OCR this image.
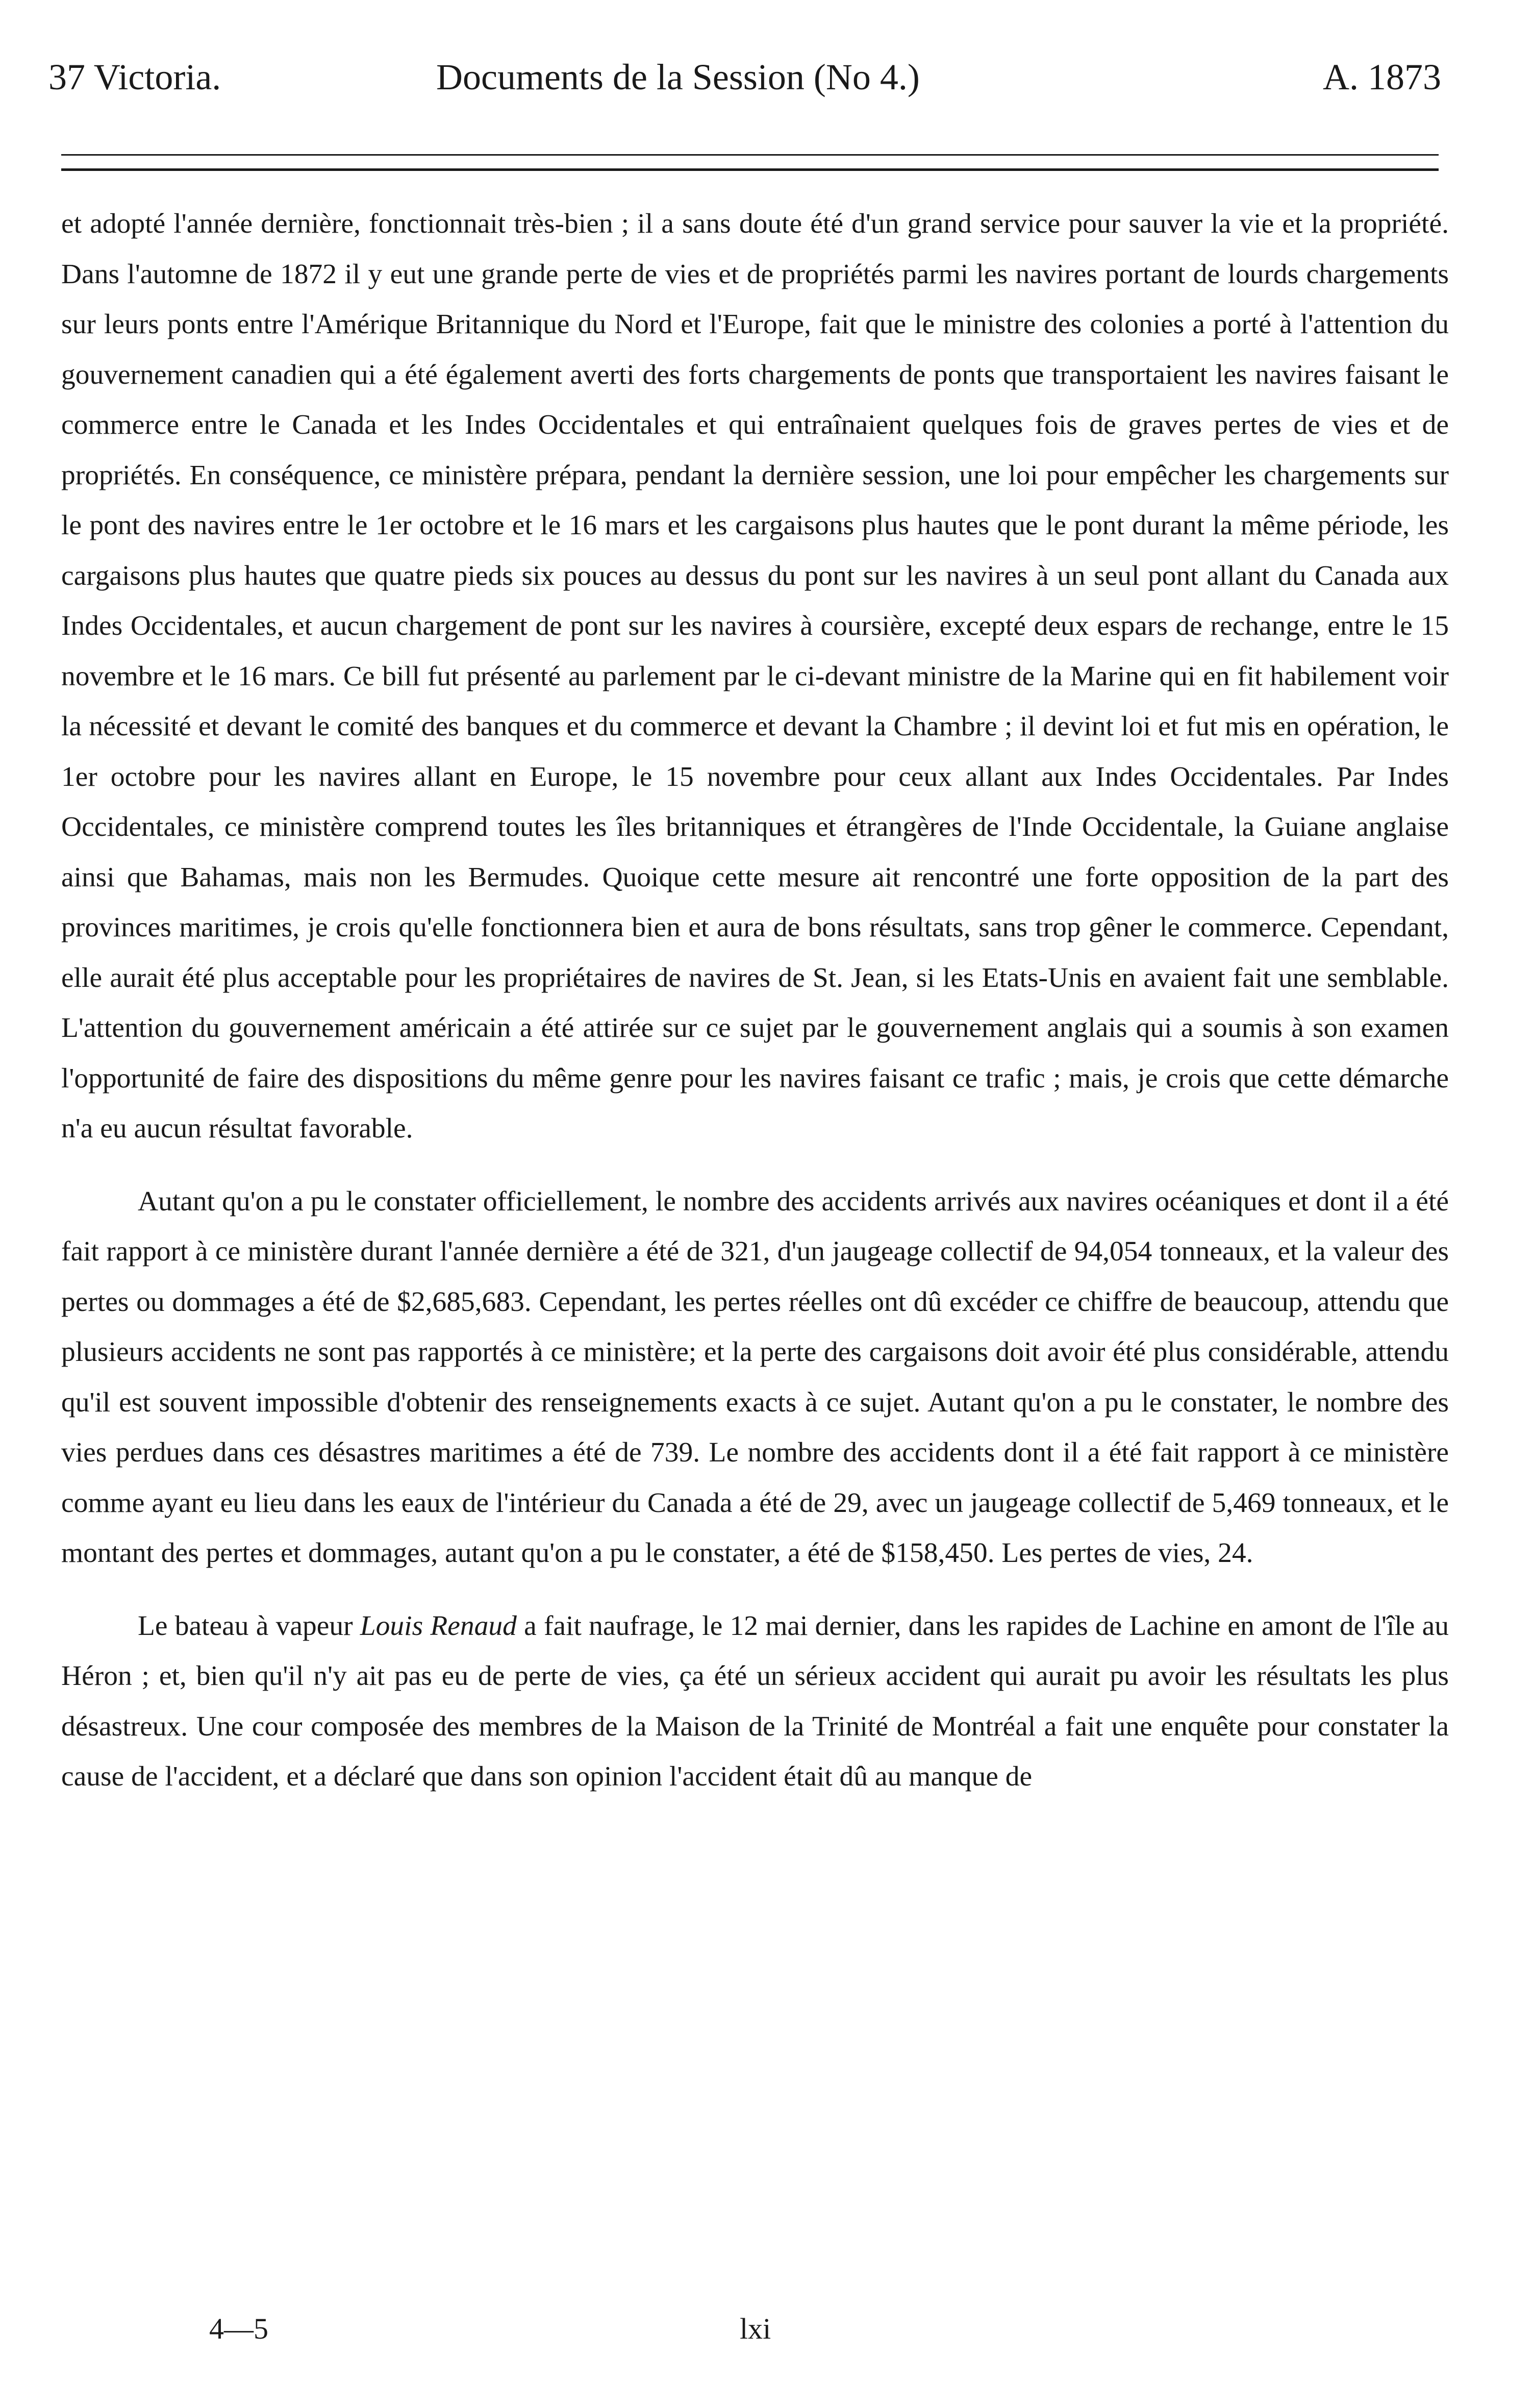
37 Victoria.	Documents de la Session (No 4.)	A. 1873

et adopté l'année dernière, fonctionnait très-bien ; il a sans doute été d'un grand service pour sauver la vie et la propriété. Dans l'automne de 1872 il y eut une grande perte de vies et de propriétés parmi les navires portant de lourds chargements sur leurs ponts entre l'Amérique Britannique du Nord et l'Europe, fait que le ministre des colonies a porté à l'attention du gouvernement canadien qui a été également averti des forts chargements de ponts que transportaient les navires faisant le commerce entre le Canada et les Indes Occidentales et qui entraînaient quelques fois de graves pertes de vies et de propriétés. En conséquence, ce ministère prépara, pendant la dernière session, une loi pour empêcher les chargements sur le pont des navires entre le 1er octobre et le 16 mars et les cargaisons plus hautes que le pont durant la même période, les cargaisons plus hautes que quatre pieds six pouces au dessus du pont sur les navires à un seul pont allant du Canada aux Indes Occidentales, et aucun chargement de pont sur les navires à coursière, excepté deux espars de rechange, entre le 15 novembre et le 16 mars. Ce bill fut présenté au parlement par le ci-devant ministre de la Marine qui en fit habilement voir la nécessité et devant le comité des banques et du commerce et devant la Chambre ; il devint loi et fut mis en opération, le 1er octobre pour les navires allant en Europe, le 15 novembre pour ceux allant aux Indes Occidentales. Par Indes Occidentales, ce ministère comprend toutes les îles britanniques et étrangères de l'Inde Occidentale, la Guiane anglaise ainsi que Bahamas, mais non les Bermudes. Quoique cette mesure ait rencontré une forte opposition de la part des provinces maritimes, je crois qu'elle fonctionnera bien et aura de bons résultats, sans trop gêner le commerce. Cependant, elle aurait été plus acceptable pour les propriétaires de navires de St. Jean, si les Etats-Unis en avaient fait une semblable. L'attention du gouvernement américain a été attirée sur ce sujet par le gouvernement anglais qui a soumis à son examen l'opportunité de faire des dispositions du même genre pour les navires faisant ce trafic ; mais, je crois que cette démarche n'a eu aucun résultat favorable.

Autant qu'on a pu le constater officiellement, le nombre des accidents arrivés aux navires océaniques et dont il a été fait rapport à ce ministère durant l'année dernière a été de 321, d'un jaugeage collectif de 94,054 tonneaux, et la valeur des pertes ou dommages a été de $2,685,683. Cependant, les pertes réelles ont dû excéder ce chiffre de beaucoup, attendu que plusieurs accidents ne sont pas rapportés à ce ministère; et la perte des cargaisons doit avoir été plus considérable, attendu qu'il est souvent impossible d'obtenir des renseignements exacts à ce sujet. Autant qu'on a pu le constater, le nombre des vies perdues dans ces désastres maritimes a été de 739. Le nombre des accidents dont il a été fait rapport à ce ministère comme ayant eu lieu dans les eaux de l'intérieur du Canada a été de 29, avec un jaugeage collectif de 5,469 tonneaux, et le montant des pertes et dommages, autant qu'on a pu le constater, a été de $158,450. Les pertes de vies, 24.

Le bateau à vapeur Louis Renaud a fait naufrage, le 12 mai dernier, dans les rapides de Lachine en amont de l'île au Héron ; et, bien qu'il n'y ait pas eu de perte de vies, ça été un sérieux accident qui aurait pu avoir les résultats les plus désastreux. Une cour composée des membres de la Maison de la Trinité de Montréal a fait une enquête pour constater la cause de l'accident, et a déclaré que dans son opinion l'accident était dû au manque de

4—5	lxi
